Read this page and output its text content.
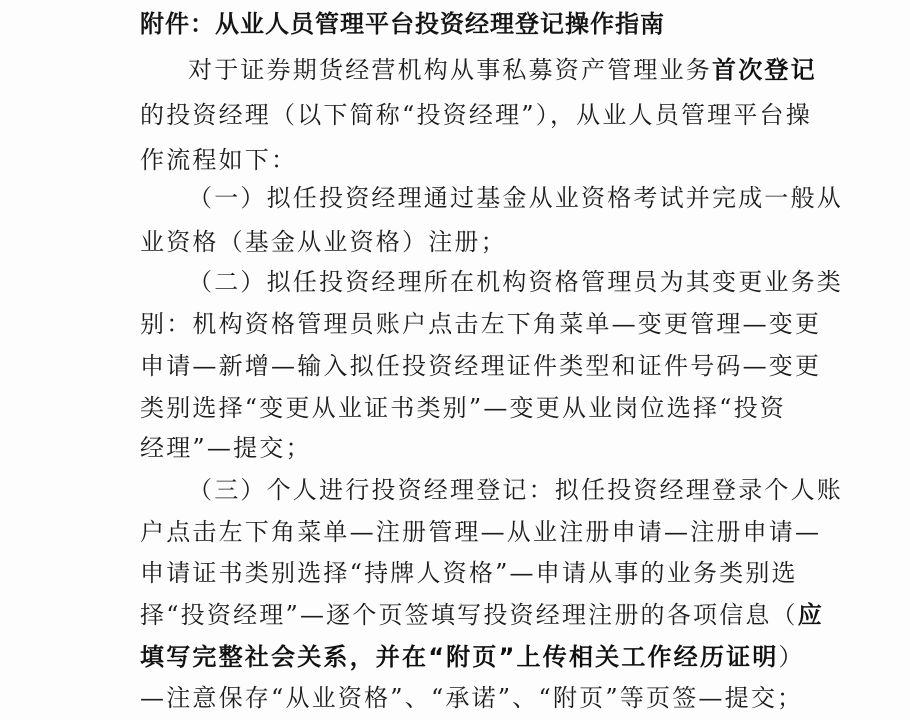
附件：从业人员管理平台投资经理登记操作指南
对于证券期货经营机构从事私募资产管理业务首次登记
的投资经理（以下简称“投资经理”），从业人员管理平台操
作流程如下：
（一）拟任投资经理通过基金从业资格考试并完成一般从
业资格（基金从业资格）注册；
（二）拟任投资经理所在机构资格管理员为其变更业务类
别：机构资格管理员账户点击左下角菜单—变更管理—变更
申请—新增—输入拟任投资经理证件类型和证件号码—变更
类别选择“变更从业证书类别”—变更从业岗位选择“投资
经理”—提交；
（三）个人进行投资经理登记：拟任投资经理登录个人账
户点击左下角菜单—注册管理—从业注册申请—注册申请—
申请证书类别选择“持牌人资格”—申请从事的业务类别选
择“投资经理”—逐个页签填写投资经理注册的各项信息（应
填写完整社会关系，并在“附页”上传相关工作经历证明）
—注意保存“从业资格”、“承诺”、“附页”等页签—提交；
